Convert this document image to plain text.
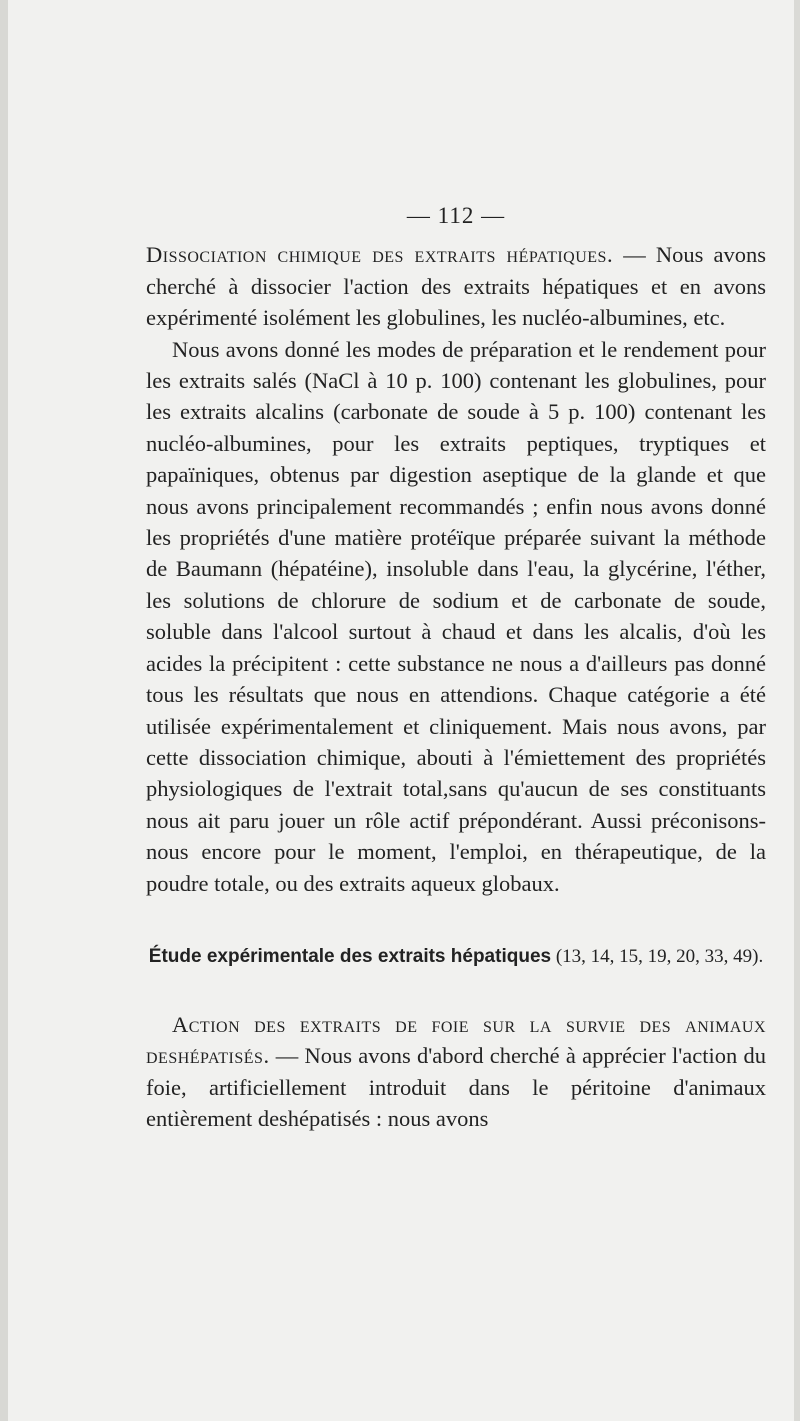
— 112 —

Dissociation chimique des extraits hépatiques. — Nous avons cherché à dissocier l'action des extraits hépatiques et en avons expérimenté isolément les globulines, les nucléo-albumines, etc.

Nous avons donné les modes de préparation et le rendement pour les extraits salés (NaCl à 10 p. 100) contenant les globulines, pour les extraits alcalins (carbonate de soude à 5 p. 100) contenant les nucléo-albumines, pour les extraits peptiques, tryptiques et papaïniques, obtenus par digestion aseptique de la glande et que nous avons principalement recommandés ; enfin nous avons donné les propriétés d'une matière protéïque préparée suivant la méthode de Baumann (hépatéine), insoluble dans l'eau, la glycérine, l'éther, les solutions de chlorure de sodium et de carbonate de soude, soluble dans l'alcool surtout à chaud et dans les alcalis, d'où les acides la précipitent : cette substance ne nous a d'ailleurs pas donné tous les résultats que nous en attendions. Chaque catégorie a été utilisée expérimentalement et cliniquement. Mais nous avons, par cette dissociation chimique, abouti à l'émiettement des propriétés physiologiques de l'extrait total,sans qu'aucun de ses constituants nous ait paru jouer un rôle actif prépondérant. Aussi préconisons-nous encore pour le moment, l'emploi, en thérapeutique, de la poudre totale, ou des extraits aqueux globaux.

Étude expérimentale des extraits hépatiques (13, 14, 15, 19, 20, 33, 49).

Action des extraits de foie sur la survie des animaux deshépatisés. — Nous avons d'abord cherché à apprécier l'action du foie, artificiellement introduit dans le péritoine d'animaux entièrement deshépatisés : nous avons
